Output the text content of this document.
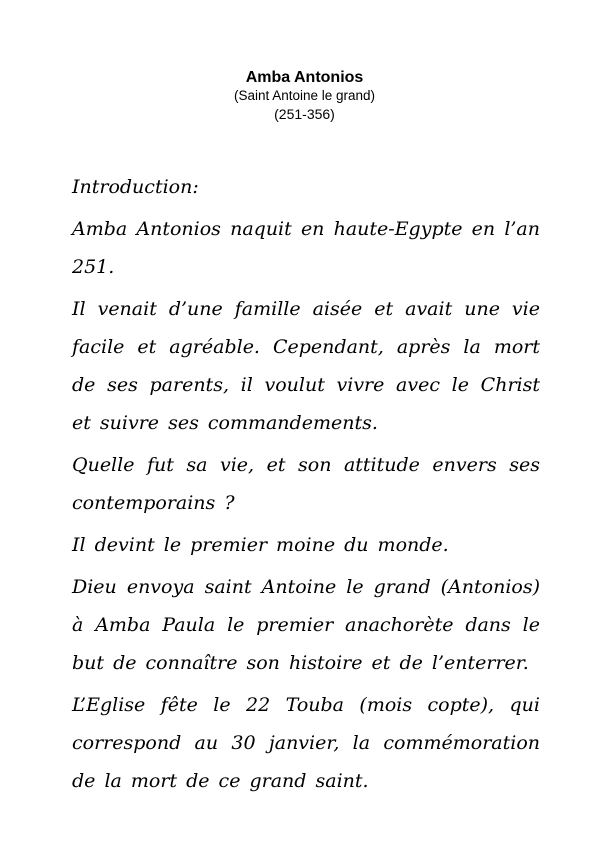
Amba Antonios
(Saint Antoine le grand)
(251-356)

Introduction:

Amba Antonios naquit en haute-Egypte en l’an 251.

Il venait d’une famille aisée et avait une vie facile et agréable. Cependant, après la mort de ses parents, il voulut vivre avec le Christ et suivre ses commandements.

Quelle fut sa vie, et son attitude envers ses contemporains ?

Il devint le premier moine du monde.

Dieu envoya saint Antoine le grand (Antonios) à Amba Paula le premier anachorète dans le but de connaître son histoire et de l’enterrer.

L’Eglise fête le 22 Touba (mois copte), qui correspond au 30 janvier, la commémoration de la mort de ce grand saint.
